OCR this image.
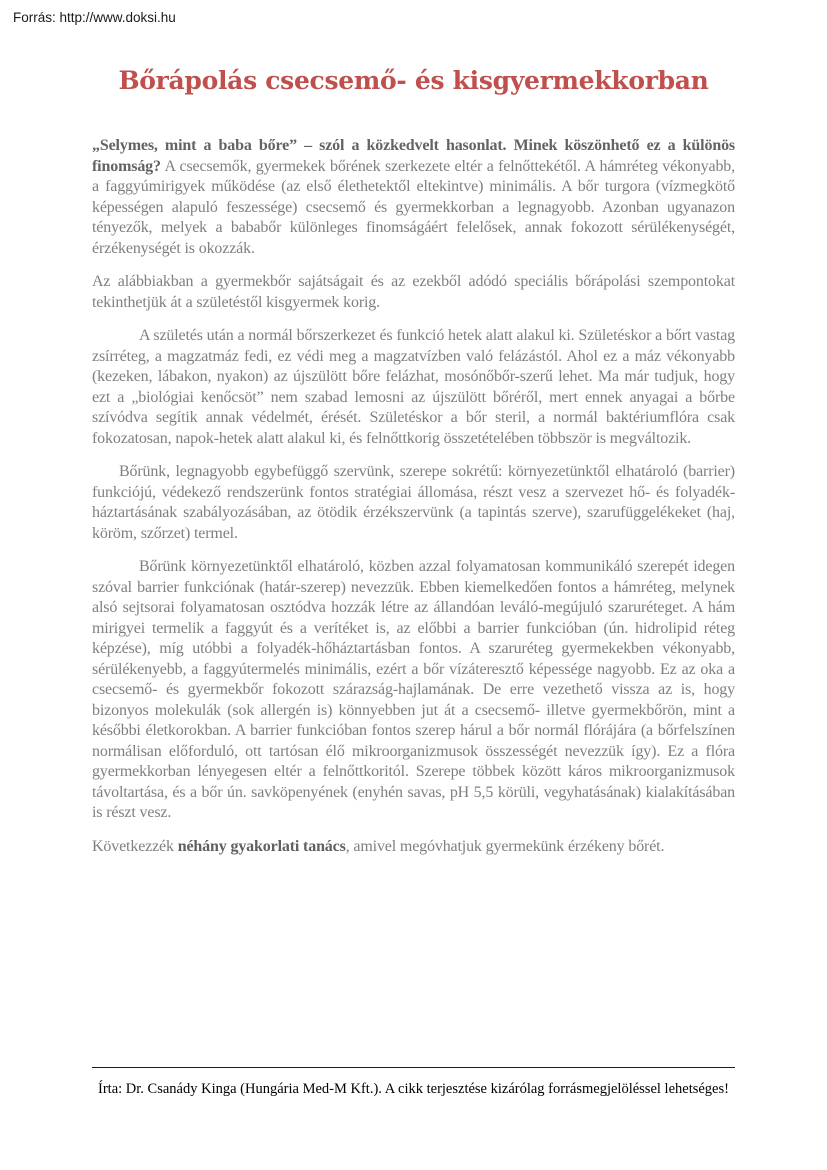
Forrás: http://www.doksi.hu
Bőrápolás csecsemő- és kisgyermekkorban

„Selymes, mint a baba bőre” – szól a közkedvelt hasonlat. Minek köszönhető ez a különös finomság? A csecsemők, gyermekek bőrének szerkezete eltér a felnőttekétől. A hámréteg vékonyabb, a faggyúmirigyek működése (az első élethetektől eltekintve) minimális. A bőr turgora (vízmegkötő képességen alapuló feszessége) csecsemő és gyermekkorban a legnagyobb. Azonban ugyanazon tényezők, melyek a bababőr különleges finomságáért felelősek, annak fokozott sérülékenységét, érzékenységét is okozzák.

Az alábbiakban a gyermekbőr sajátságait és az ezekből adódó speciális bőrápolási szempontokat tekinthetjük át a születéstől kisgyermek korig.

A születés után a normál bőrszerkezet és funkció hetek alatt alakul ki. Születéskor a bőrt vastag zsírréteg, a magzatmáz fedi, ez védi meg a magzatvízben való felázástól. Ahol ez a máz vékonyabb (kezeken, lábakon, nyakon) az újszülött bőre felázhat, mosónőbőr-szerű lehet. Ma már tudjuk, hogy ezt a „biológiai kenőcsöt” nem szabad lemosni az újszülött bőréről, mert ennek anyagai a bőrbe szívódva segítik annak védelmét, érését. Születéskor a bőr steril, a normál baktériumflóra csak fokozatosan, napok-hetek alatt alakul ki, és felnőttkorig összetételében többször is megváltozik.

Bőrünk, legnagyobb egybefüggő szervünk, szerepe sokrétű: környezetünktől elhatároló (barrier) funkciójú, védekező rendszerünk fontos stratégiai állomása, részt vesz a szervezet hő- és folyadék-háztartásának szabályozásában, az ötödik érzékszervünk (a tapintás szerve), szarufüggelékeket (haj, köröm, szőrzet) termel.

Bőrünk környezetünktől elhatároló, közben azzal folyamatosan kommunikáló szerepét idegen szóval barrier funkciónak (határ-szerep) nevezzük. Ebben kiemelkedően fontos a hámréteg, melynek alsó sejtsorai folyamatosan osztódva hozzák létre az állandóan leváló-megújuló szaruréteget. A hám mirigyei termelik a faggyút és a verítéket is, az előbbi a barrier funkcióban (ún. hidrolipid réteg képzése), míg utóbbi a folyadék-hőháztartásban fontos. A szaruréteg gyermekekben vékonyabb, sérülékenyebb, a faggyútermelés minimális, ezért a bőr vízáteresztő képessége nagyobb. Ez az oka a csecsemő- és gyermekbőr fokozott szárazság-hajlamának. De erre vezethető vissza az is, hogy bizonyos molekulák (sok allergén is) könnyebben jut át a csecsemő- illetve gyermekbőrön, mint a későbbi életkorokban. A barrier funkcióban fontos szerep hárul a bőr normál flórájára (a bőrfelszínen normálisan előforduló, ott tartósan élő mikroorganizmusok összességét nevezzük így). Ez a flóra gyermekkorban lényegesen eltér a felnőttkoritól. Szerepe többek között káros mikroorganizmusok távoltartása, és a bőr ún. savköpenyének (enyhén savas, pH 5,5 körüli, vegyhatásának) kialakításában is részt vesz.

Következzék néhány gyakorlati tanács, amivel megóvhatjuk gyermekünk érzékeny bőrét.

Írta: Dr. Csanády Kinga (Hungária Med-M Kft.). A cikk terjesztése kizárólag forrásmegjelöléssel lehetséges!
